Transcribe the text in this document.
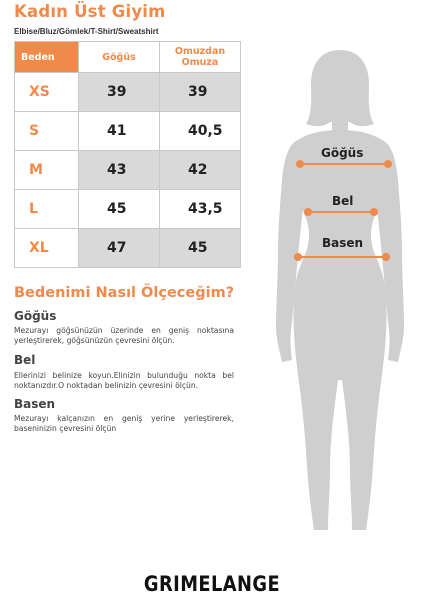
Kadın Üst Giyim
Elbise/Bluz/Gömlek/T-Shirt/Sweatshirt
Beden	Göğüs	Omuzdan Omuza
XS	39	39
S	41	40,5
M	43	42
L	45	43,5
XL	47	45
Bedenimi Nasıl Ölçeceğim?
Göğüs
Mezurayı göğsünüzün üzerinde en geniş noktasına yerleştirerek, göğsünüzün çevresini ölçün.
Bel
Ellerinizi belinize koyun.Elinizin bulunduğu nokta bel noktanızdır.O noktadan belinizin çevresini ölçün.
Basen
Mezurayı kalçanızın en geniş yerine yerleştirerek, baseninizin çevresini ölçün
Göğüs
Bel
Basen
GRIMELANGE
